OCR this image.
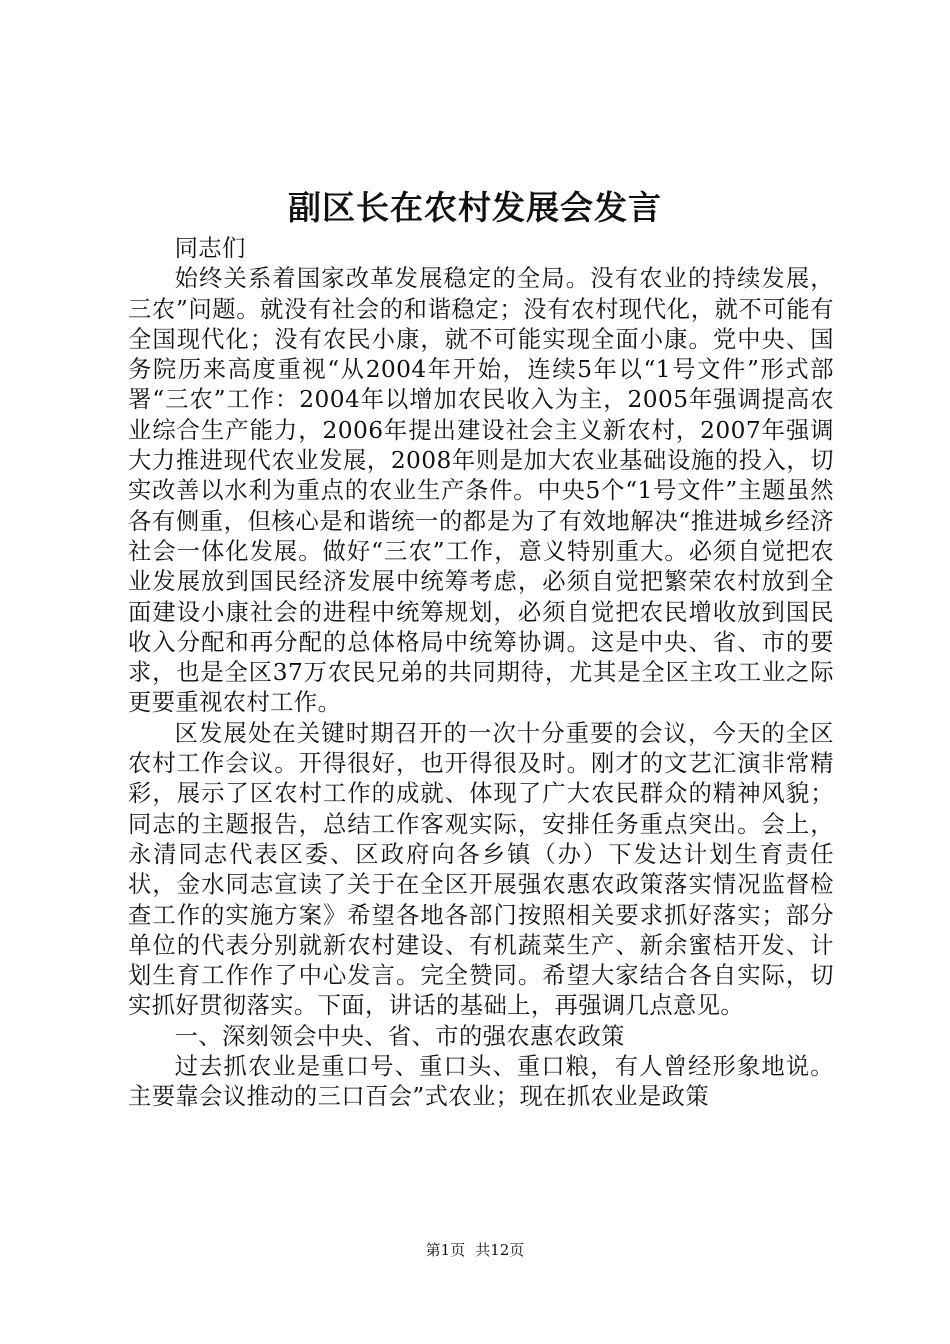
副区长在农村发展会发言

同志们

始终关系着国家改革发展稳定的全局。没有农业的持续发展，三农”问题。就没有社会的和谐稳定；没有农村现代化，就不可能有全国现代化；没有农民小康，就不可能实现全面小康。党中央、国务院历来高度重视“从2004年开始，连续5年以“1号文件”形式部署“三农”工作：2004年以增加农民收入为主，2005年强调提高农业综合生产能力，2006年提出建设社会主义新农村，2007年强调大力推进现代农业发展，2008年则是加大农业基础设施的投入，切实改善以水利为重点的农业生产条件。中央5个“1号文件”主题虽然各有侧重，但核心是和谐统一的都是为了有效地解决“推进城乡经济社会一体化发展。做好“三农”工作，意义特别重大。必须自觉把农业发展放到国民经济发展中统筹考虑，必须自觉把繁荣农村放到全面建设小康社会的进程中统筹规划，必须自觉把农民增收放到国民收入分配和再分配的总体格局中统筹协调。这是中央、省、市的要求，也是全区37万农民兄弟的共同期待，尤其是全区主攻工业之际更要重视农村工作。

区发展处在关键时期召开的一次十分重要的会议，今天的全区农村工作会议。开得很好，也开得很及时。刚才的文艺汇演非常精彩，展示了区农村工作的成就、体现了广大农民群众的精神风貌；同志的主题报告，总结工作客观实际，安排任务重点突出。会上，永清同志代表区委、区政府向各乡镇（办）下发达计划生育责任状，金水同志宣读了关于在全区开展强农惠农政策落实情况监督检查工作的实施方案》希望各地各部门按照相关要求抓好落实；部分单位的代表分别就新农村建设、有机蔬菜生产、新余蜜桔开发、计划生育工作作了中心发言。完全赞同。希望大家结合各自实际，切实抓好贯彻落实。下面，讲话的基础上，再强调几点意见。

一、深刻领会中央、省、市的强农惠农政策

过去抓农业是重口号、重口头、重口粮，有人曾经形象地说。主要靠会议推动的三口百会”式农业；现在抓农业是政策

第1页 共12页
